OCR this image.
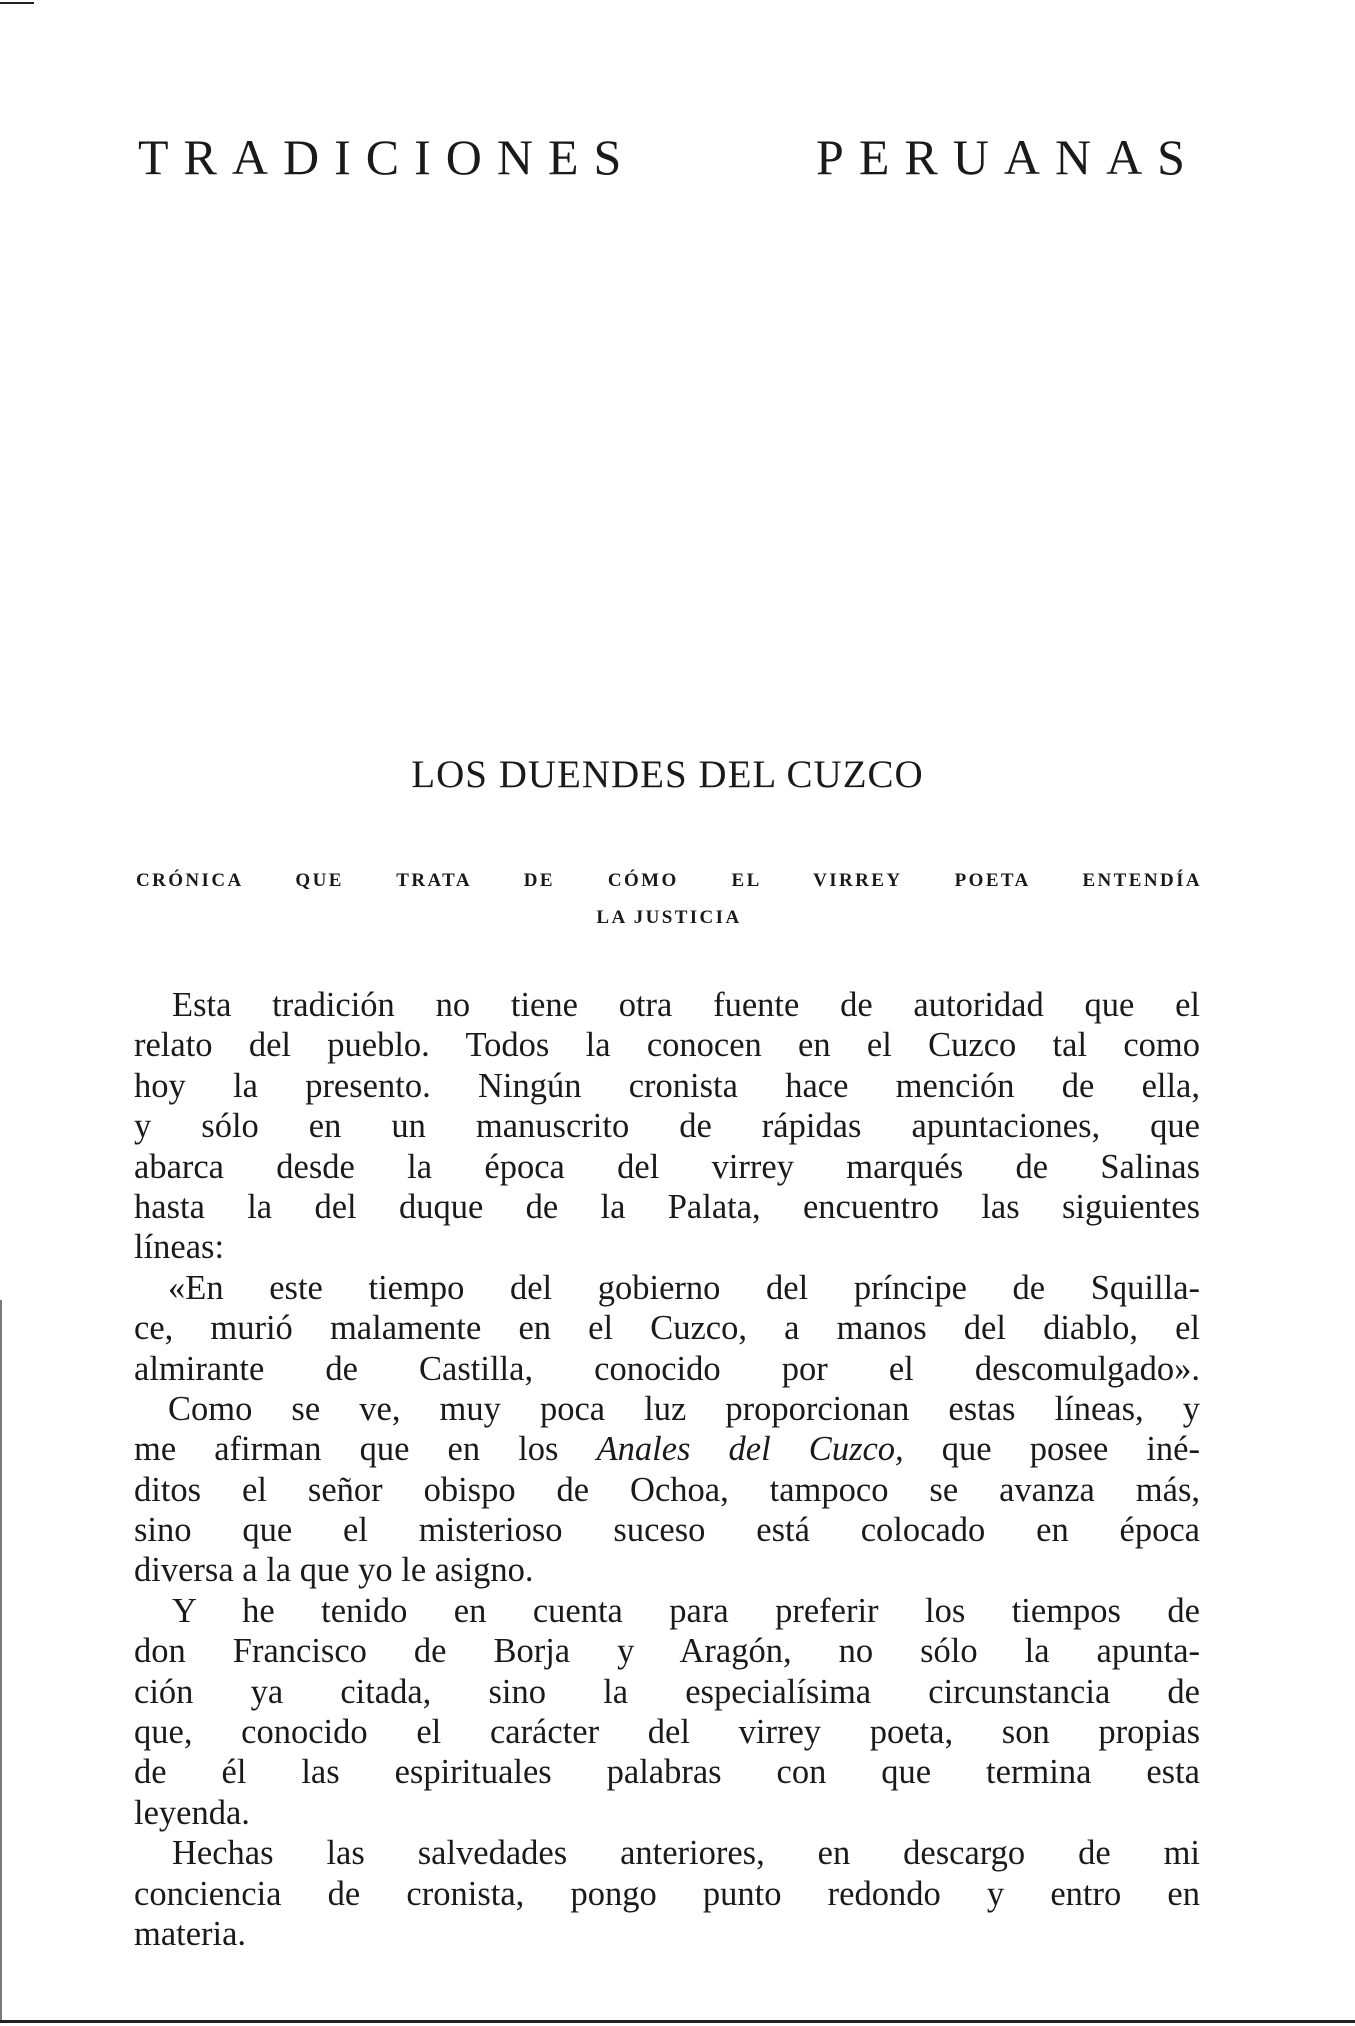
TRADICIONES	PERUANAS
LOS DUENDES DEL CUZCO
CRÓNICA QUE TRATA DE CÓMO EL VIRREY POETA ENTENDÍA
LA JUSTICIA
Esta tradición no tiene otra fuente de autoridad que el
relato del pueblo. Todos la conocen en el Cuzco tal como
hoy la presento. Ningún cronista hace mención de ella,
y sólo en un manuscrito de rápidas apuntaciones, que
abarca desde la época del virrey marqués de Salinas
hasta la del duque de la Palata, encuentro las siguientes
líneas:
«En este tiempo del gobierno del príncipe de Squilla-
ce, murió malamente en el Cuzco, a manos del diablo, el
almirante de Castilla, conocido por el descomulgado».
Como se ve, muy poca luz proporcionan estas líneas, y
me afirman que en los Anales del Cuzco, que posee iné-
ditos el señor obispo de Ochoa, tampoco se avanza más,
sino que el misterioso suceso está colocado en época
diversa a la que yo le asigno.
Y he tenido en cuenta para preferir los tiempos de
don Francisco de Borja y Aragón, no sólo la apunta-
ción ya citada, sino la especialísima circunstancia de
que, conocido el carácter del virrey poeta, son propias
de él las espirituales palabras con que termina esta
leyenda.
Hechas las salvedades anteriores, en descargo de mi
conciencia de cronista, pongo punto redondo y entro en
materia.
